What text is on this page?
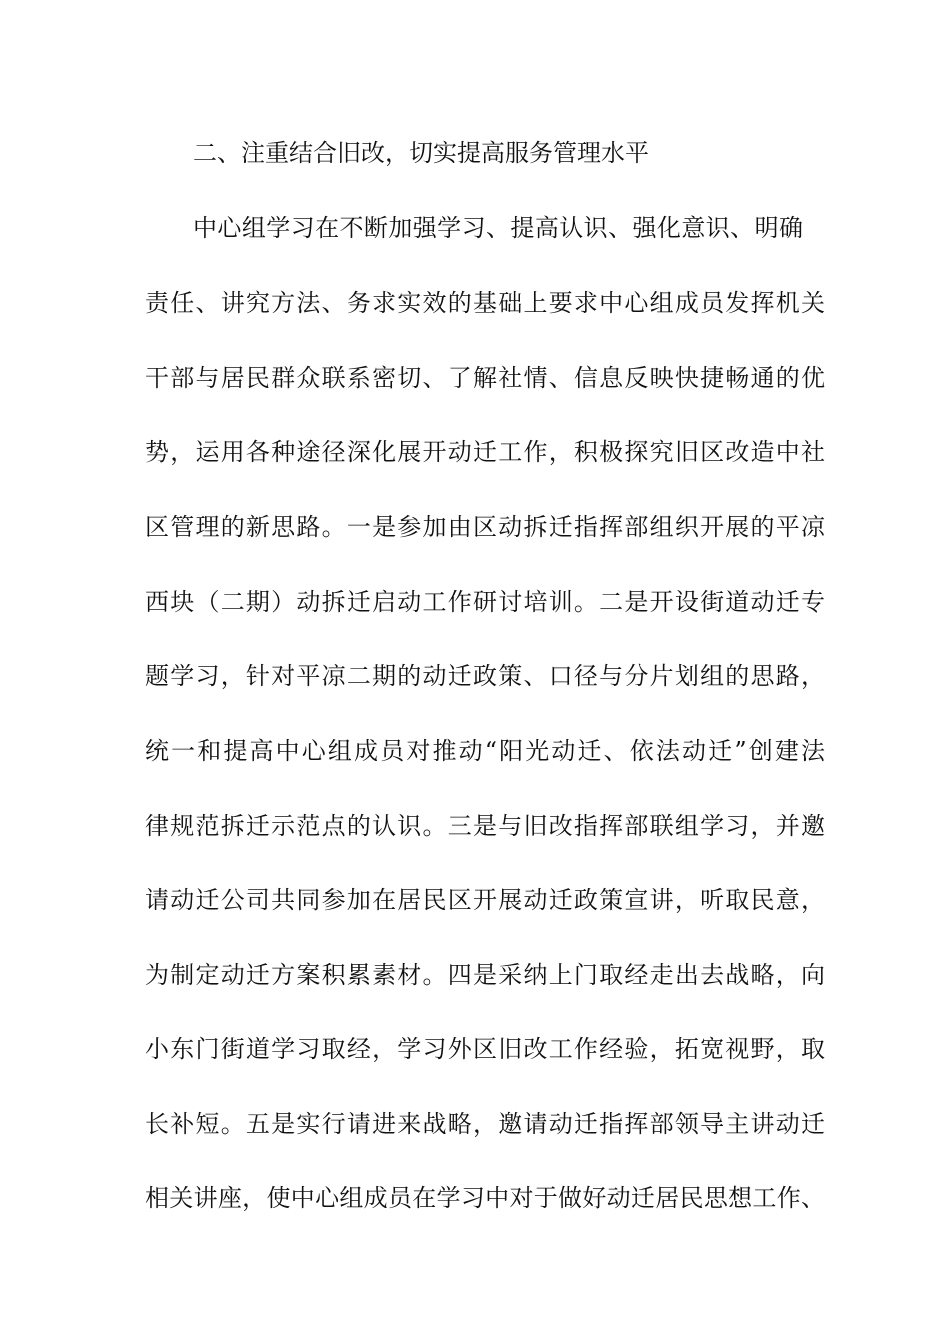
二、注重结合旧改，切实提高服务管理水平
中心组学习在不断加强学习、提高认识、强化意识、明确
责任、讲究方法、务求实效的基础上要求中心组成员发挥机关
干部与居民群众联系密切、了解社情、信息反映快捷畅通的优
势，运用各种途径深化展开动迁工作，积极探究旧区改造中社
区管理的新思路。一是参加由区动拆迁指挥部组织开展的平凉
西块（二期）动拆迁启动工作研讨培训。二是开设街道动迁专
题学习，针对平凉二期的动迁政策、口径与分片划组的思路，
统一和提高中心组成员对推动“阳光动迁、依法动迁”创建法
律规范拆迁示范点的认识。三是与旧改指挥部联组学习，并邀
请动迁公司共同参加在居民区开展动迁政策宣讲，听取民意，
为制定动迁方案积累素材。四是采纳上门取经走出去战略，向
小东门街道学习取经，学习外区旧改工作经验，拓宽视野，取
长补短。五是实行请进来战略，邀请动迁指挥部领导主讲动迁
相关讲座，使中心组成员在学习中对于做好动迁居民思想工作、
